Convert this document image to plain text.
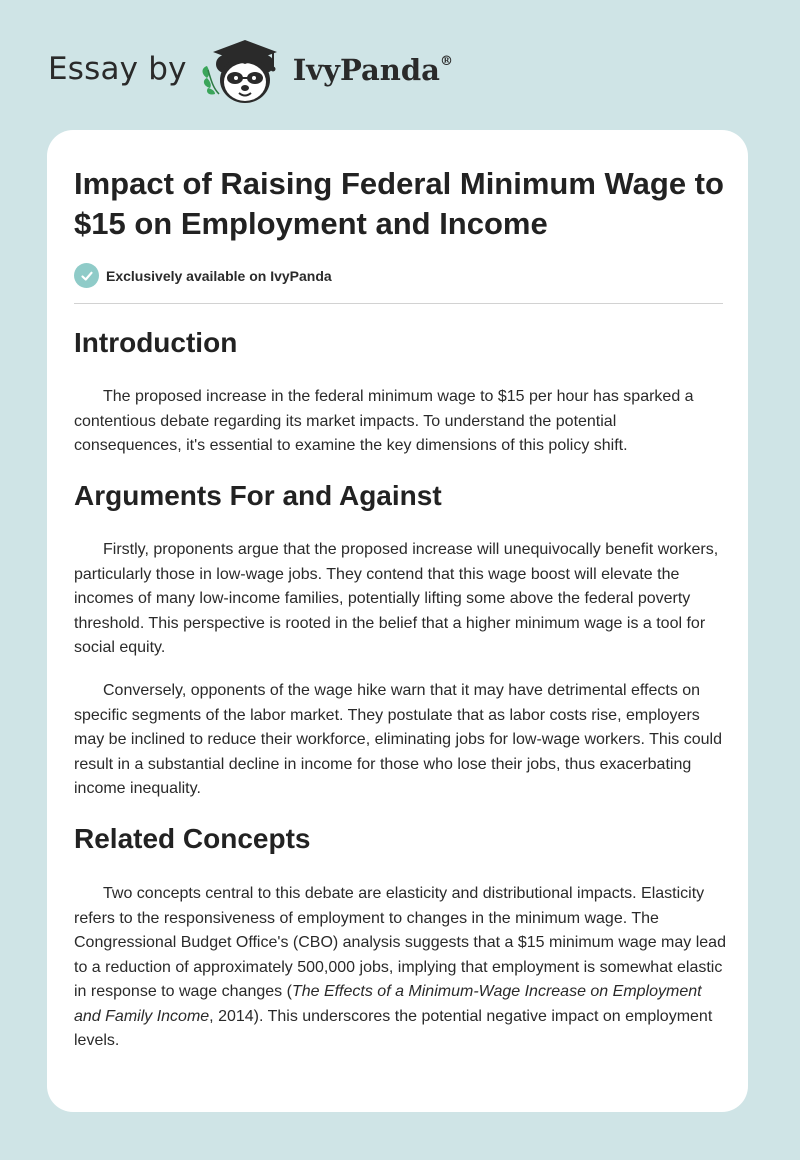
Essay by	IvyPanda®
Impact of Raising Federal Minimum Wage to $15 on Employment and Income
Exclusively available on IvyPanda
Introduction

The proposed increase in the federal minimum wage to $15 per hour has sparked a contentious debate regarding its market impacts. To understand the potential consequences, it's essential to examine the key dimensions of this policy shift.

Arguments For and Against

Firstly, proponents argue that the proposed increase will unequivocally benefit workers, particularly those in low-wage jobs. They contend that this wage boost will elevate the incomes of many low-income families, potentially lifting some above the federal poverty threshold. This perspective is rooted in the belief that a higher minimum wage is a tool for social equity.

Conversely, opponents of the wage hike warn that it may have detrimental effects on specific segments of the labor market. They postulate that as labor costs rise, employers may be inclined to reduce their workforce, eliminating jobs for low-wage workers. This could result in a substantial decline in income for those who lose their jobs, thus exacerbating income inequality.

Related Concepts

Two concepts central to this debate are elasticity and distributional impacts. Elasticity refers to the responsiveness of employment to changes in the minimum wage. The Congressional Budget Office's (CBO) analysis suggests that a $15 minimum wage may lead to a reduction of approximately 500,000 jobs, implying that employment is somewhat elastic in response to wage changes (The Effects of a Minimum-Wage Increase on Employment and Family Income, 2014). This underscores the potential negative impact on employment levels.
